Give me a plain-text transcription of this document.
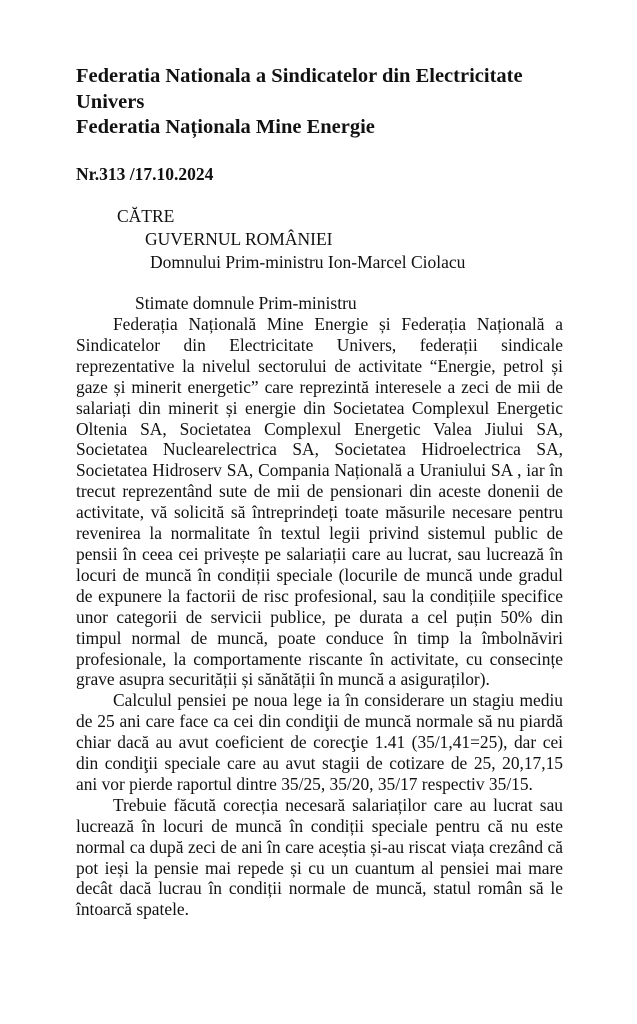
Federatia Nationala a Sindicatelor din Electricitate Univers
Federatia Naționala Mine Energie
Nr.313 /17.10.2024
CĂTRE
GUVERNUL ROMÂNIEI
Domnului Prim-ministru Ion-Marcel Ciolacu
Stimate domnule Prim-ministru

Federația Națională Mine Energie și Federația Națională a Sindicatelor din Electricitate Univers, federații sindicale reprezentative la nivelul sectorului de activitate “Energie, petrol și gaze și minerit energetic” care reprezintă interesele a zeci de mii de salariați din minerit și energie din Societatea Complexul Energetic Oltenia SA, Societatea Complexul Energetic Valea Jiului SA, Societatea Nuclearelectrica SA, Societatea Hidroelectrica SA, Societatea Hidroserv SA, Compania Națională a Uraniului SA , iar în trecut reprezentând sute de mii de pensionari din aceste donenii de activitate, vă solicită să întreprindeți toate măsurile necesare pentru revenirea la normalitate în textul legii privind sistemul public de pensii în ceea cei privește pe salariații care au lucrat, sau lucrează în locuri de muncă în condiții speciale (locurile de muncă unde gradul de expunere la factorii de risc profesional, sau la condițiile specifice unor categorii de servicii publice, pe durata a cel puțin 50% din timpul normal de muncă, poate conduce în timp la îmbolnăviri profesionale, la comportamente riscante în activitate, cu consecințe grave asupra securității și sănătății în muncă a asiguraților).

Calculul pensiei pe noua lege ia în considerare un stagiu mediu de 25 ani care face ca cei din condiţii de muncă normale să nu piardă chiar dacă au avut coeficient de corecţie 1.41 (35/1,41=25), dar cei din condiţii speciale care au avut stagii de cotizare de 25, 20,17,15 ani vor pierde raportul dintre 35/25, 35/20, 35/17 respectiv 35/15.

Trebuie făcută corecția necesară salariaților care au lucrat sau lucrează în locuri de muncă în condiții speciale pentru că nu este normal ca după zeci de ani în care aceștia și-au riscat viața crezând că pot ieși la pensie mai repede și cu un cuantum al pensiei mai mare decât dacă lucrau în condiții normale de muncă, statul român să le întoarcă spatele.
